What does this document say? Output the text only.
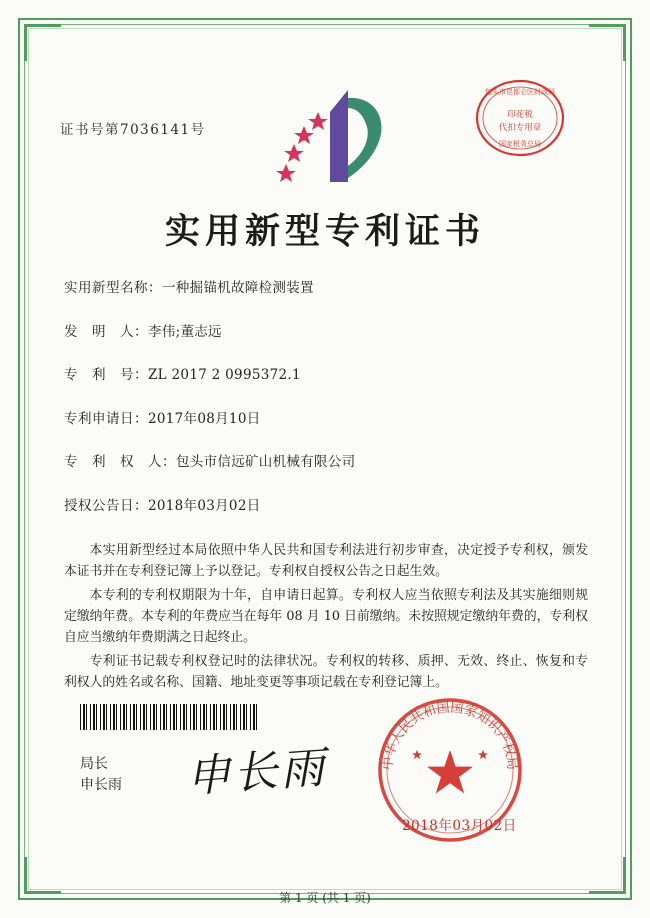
证书号第7036141号
包头市昆都仑区财政局
印花税
代扣专用章
国家税务总局
实用新型专利证书
实用新型名称：一种掘锚机故障检测装置
发　明　人：李伟;董志远
专　利　号：ZL 2017 2 0995372.1
专利申请日：2017年08月10日
专　利　权　人：包头市信远矿山机械有限公司
授权公告日：2018年03月02日
本实用新型经过本局依照中华人民共和国专利法进行初步审查，决定授予专利权，颁发本证书并在专利登记簿上予以登记。专利权自授权公告之日起生效。
本专利的专利权期限为十年，自申请日起算。专利权人应当依照专利法及其实施细则规定缴纳年费。本专利的年费应当在每年 08 月 10 日前缴纳。未按照规定缴纳年费的，专利权自应当缴纳年费期满之日起终止。
专利证书记载专利权登记时的法律状况。专利权的转移、质押、无效、终止、恢复和专利权人的姓名或名称、国籍、地址变更等事项记载在专利登记簿上。
局长
申长雨 申长雨	中华人民共和国国家知识产权局
2018年03月02日
第 1 页 (共 1 页)
